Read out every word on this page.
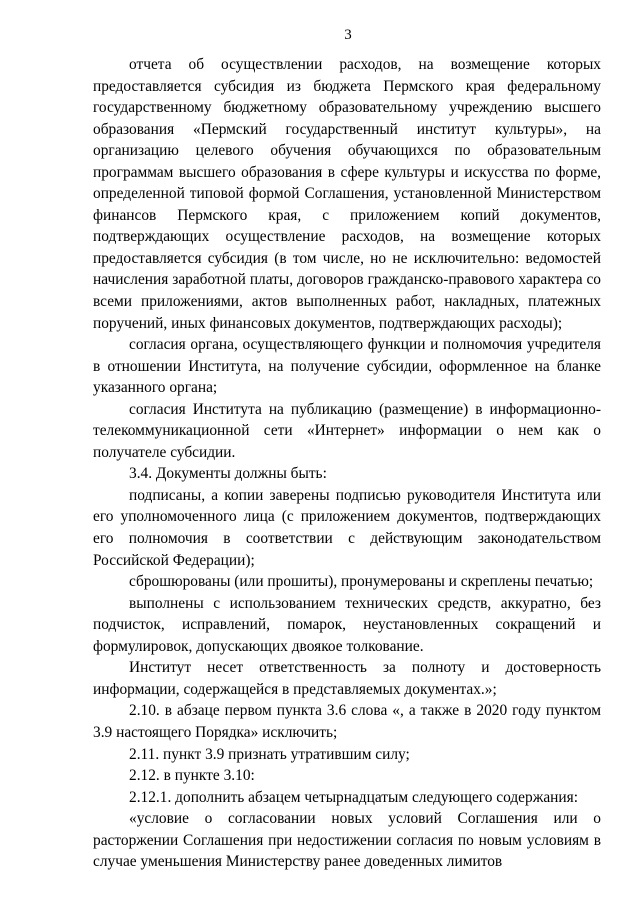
3

отчета об осуществлении расходов, на возмещение которых предоставляется субсидия из бюджета Пермского края федеральному государственному бюджетному образовательному учреждению высшего образования «Пермский государственный институт культуры», на организацию целевого обучения обучающихся по образовательным программам высшего образования в сфере культуры и искусства по форме, определенной типовой формой Соглашения, установленной Министерством финансов Пермского края, с приложением копий документов, подтверждающих осуществление расходов, на возмещение которых предоставляется субсидия (в том числе, но не исключительно: ведомостей начисления заработной платы, договоров гражданско-правового характера со всеми приложениями, актов выполненных работ, накладных, платежных поручений, иных финансовых документов, подтверждающих расходы);

согласия органа, осуществляющего функции и полномочия учредителя в отношении Института, на получение субсидии, оформленное на бланке указанного органа;

согласия Института на публикацию (размещение) в информационно-телекоммуникационной сети «Интернет» информации о нем как о получателе субсидии.

3.4. Документы должны быть:

подписаны, а копии заверены подписью руководителя Института или его уполномоченного лица (с приложением документов, подтверждающих его полномочия в соответствии с действующим законодательством Российской Федерации);

сброшюрованы (или прошиты), пронумерованы и скреплены печатью;

выполнены с использованием технических средств, аккуратно, без подчисток, исправлений, помарок, неустановленных сокращений и формулировок, допускающих двоякое толкование.

Институт несет ответственность за полноту и достоверность информации, содержащейся в представляемых документах.»;

2.10. в абзаце первом пункта 3.6 слова «, а также в 2020 году пунктом 3.9 настоящего Порядка» исключить;

2.11. пункт 3.9 признать утратившим силу;

2.12. в пункте 3.10:

2.12.1. дополнить абзацем четырнадцатым следующего содержания:

«условие о согласовании новых условий Соглашения или о расторжении Соглашения при недостижении согласия по новым условиям в случае уменьшения Министерству ранее доведенных лимитов
